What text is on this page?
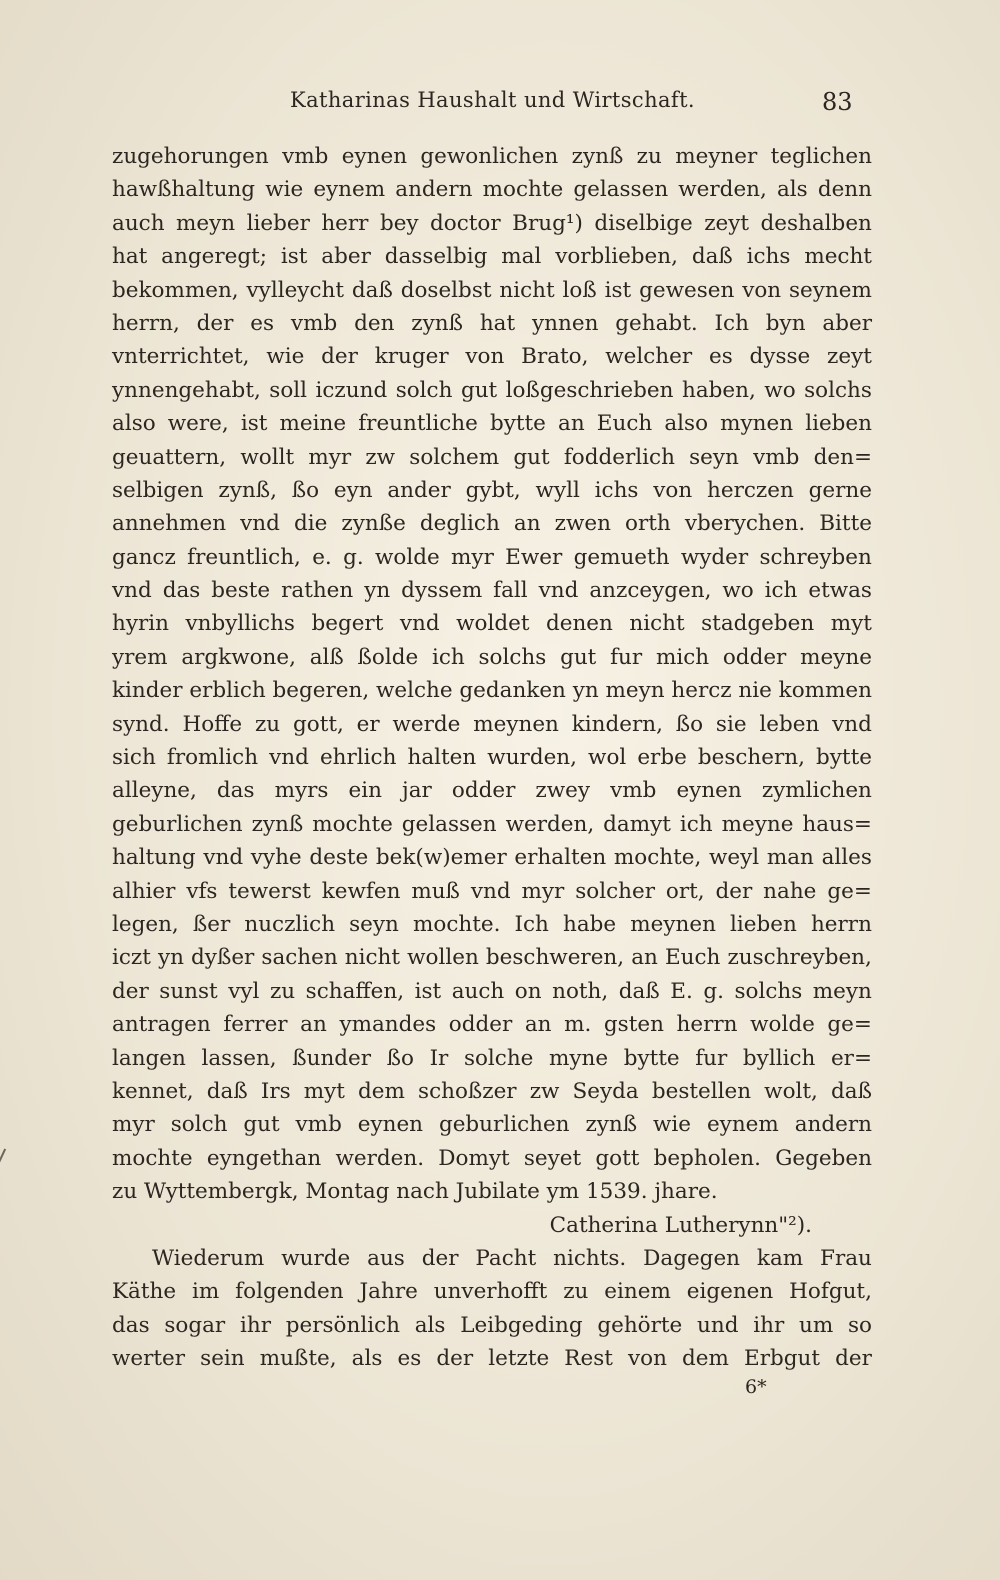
Katharinas Haushalt und Wirtschaft.	83
zugehorungen vmb eynen gewonlichen zynß zu meyner teglichen
hawßhaltung wie eynem andern mochte gelassen werden, als denn
auch meyn lieber herr bey doctor Brug¹) diselbige zeyt deshalben
hat angeregt; ist aber dasselbig mal vorblieben, daß ichs mecht
bekommen, vylleycht daß doselbst nicht loß ist gewesen von seynem
herrn, der es vmb den zynß hat ynnen gehabt. Ich byn aber
vnterrichtet, wie der kruger von Brato, welcher es dysse zeyt
ynnengehabt, soll iczund solch gut loßgeschrieben haben, wo solchs
also were, ist meine freuntliche bytte an Euch also mynen lieben
geuattern, wollt myr zw solchem gut fodderlich seyn vmb den=
selbigen zynß, ßo eyn ander gybt, wyll ichs von herczen gerne
annehmen vnd die zynße deglich an zwen orth vberychen. Bitte
gancz freuntlich, e. g. wolde myr Ewer gemueth wyder schreyben
vnd das beste rathen yn dyssem fall vnd anzceygen, wo ich etwas
hyrin vnbyllichs begert vnd woldet denen nicht stadgeben myt
yrem argkwone, alß ßolde ich solchs gut fur mich odder meyne
kinder erblich begeren, welche gedanken yn meyn hercz nie kommen
synd. Hoffe zu gott, er werde meynen kindern, ßo sie leben vnd
sich fromlich vnd ehrlich halten wurden, wol erbe beschern, bytte
alleyne, das myrs ein jar odder zwey vmb eynen zymlichen
geburlichen zynß mochte gelassen werden, damyt ich meyne haus=
haltung vnd vyhe deste bek(w)emer erhalten mochte, weyl man alles
alhier vfs tewerst kewfen muß vnd myr solcher ort, der nahe ge=
legen, ßer nuczlich seyn mochte. Ich habe meynen lieben herrn
iczt yn dyßer sachen nicht wollen beschweren, an Euch zuschreyben,
der sunst vyl zu schaffen, ist auch on noth, daß E. g. solchs meyn
antragen ferrer an ymandes odder an m. gsten herrn wolde ge=
langen lassen, ßunder ßo Ir solche myne bytte fur byllich er=
kennet, daß Irs myt dem schoßzer zw Seyda bestellen wolt, daß
myr solch gut vmb eynen geburlichen zynß wie eynem andern
mochte eyngethan werden. Domyt seyet gott bepholen. Gegeben
zu Wyttembergk, Montag nach Jubilate ym 1539. jhare.
Catherina Lutherynn"²).
Wiederum wurde aus der Pacht nichts. Dagegen kam Frau
Käthe im folgenden Jahre unverhofft zu einem eigenen Hofgut,
das sogar ihr persönlich als Leibgeding gehörte und ihr um so
werter sein mußte, als es der letzte Rest von dem Erbgut der
6*
